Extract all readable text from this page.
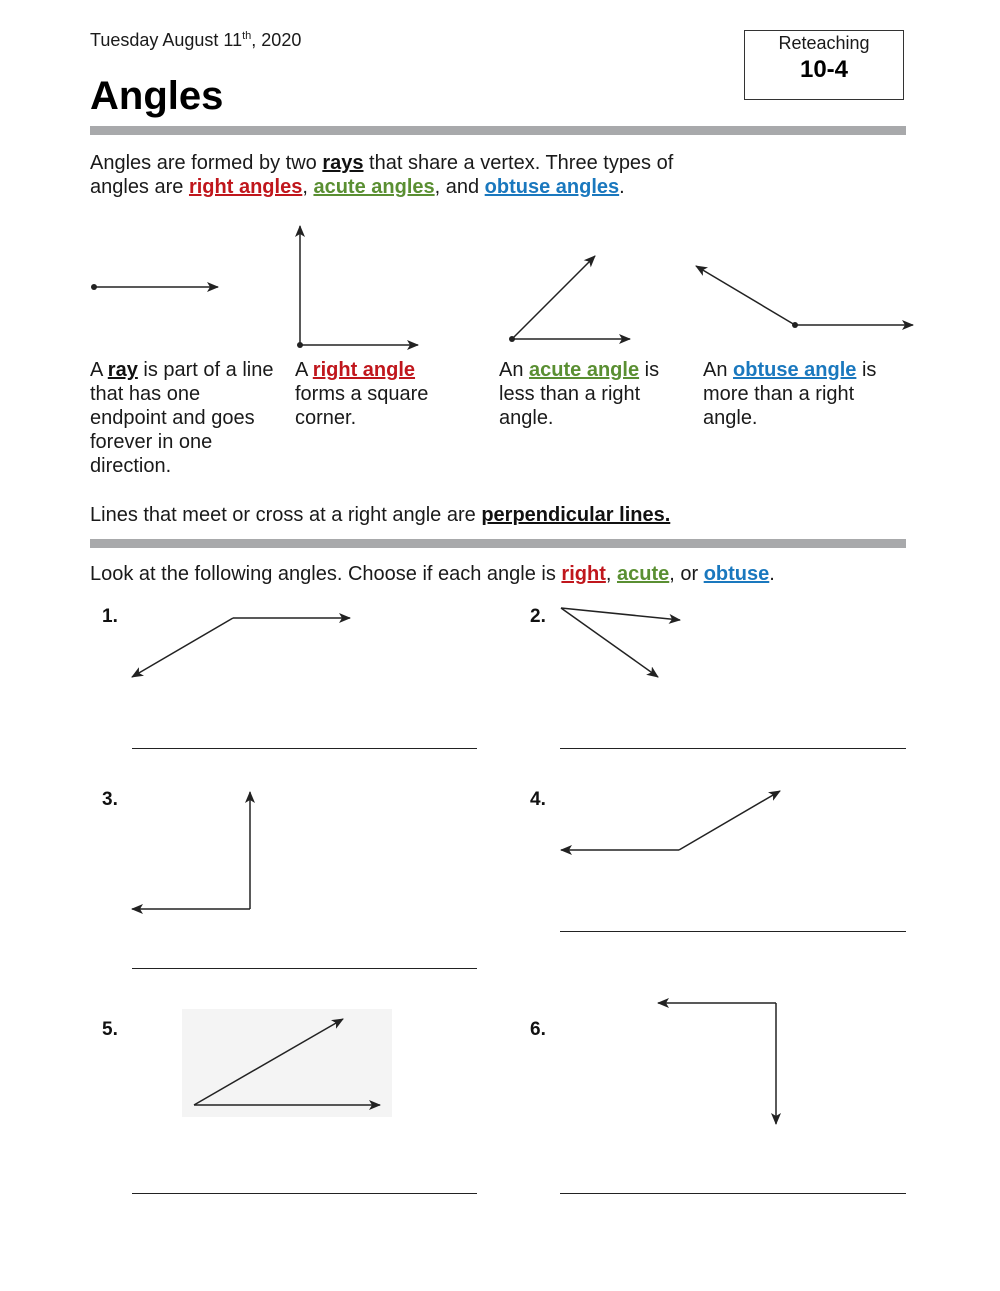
Tuesday August 11th, 2020
Angles
Reteaching
10-4
Angles are formed by two rays that share a vertex. Three types of
angles are right angles, acute angles, and obtuse angles.
A ray is part of a line that has one endpoint and goes forever in one direction.
A right angle forms a square corner.
An acute angle is less than a right angle.
An obtuse angle is more than a right angle.
Lines that meet or cross at a right angle are perpendicular lines.
Look at the following angles. Choose if each angle is right, acute, or obtuse.
1.	2.
3.	4.
5.	6.
